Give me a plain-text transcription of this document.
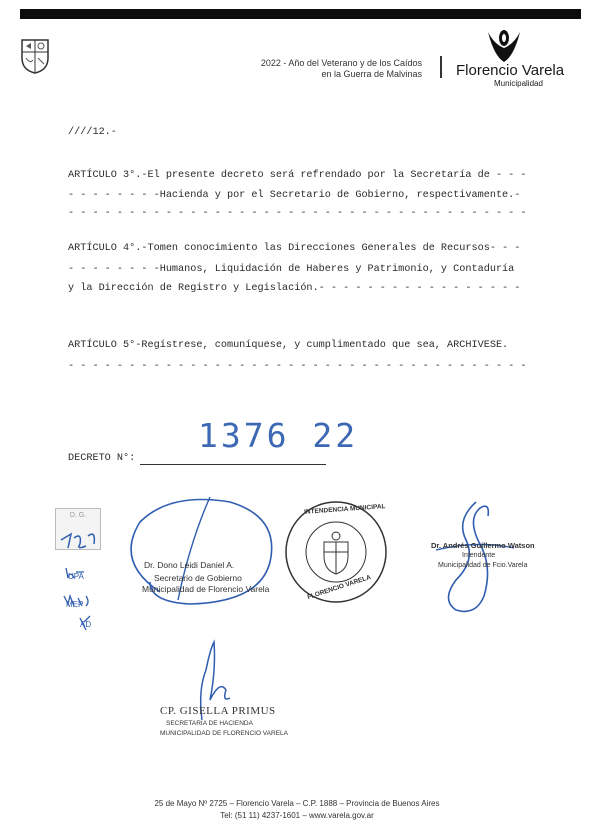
2022 - Año del Veterano y de los Caídos
en la Guerra de Malvinas Florencio Varela
Municipalidad
////12.-
ARTÍCULO 3°.-El presente decreto será refrendado por la Secretaría de - - -
- - - - - - - -Hacienda y por el Secretario de Gobierno, respectivamente.-
- - - - - - - - - - - - - - - - - - - - - - - - - - - - - - - - - - - - - -
ARTÍCULO 4°.-Tomen conocimiento las Direcciones Generales de Recursos- - -
- - - - - - - -Humanos, Liquidación de Haberes y Patrimonio, y Contaduría
y la Dirección de Registro y Legislación.- - - - - - - - - - - - - - - - -
ARTÍCULO 5°-Regístrese, comuníquese, y cumplimentado que sea, ARCHIVESE.
- - - - - - - - - - - - - - - - - - - - - - - - - - - - - - - - - - - - - -
1376 22
DECRETO N°:
D. G.
UPA
MEP
AD
Dr. Dono Leidi Daniel A.
Secretario de Gobierno
Municipalidad de Florencio Varela
INTENDENCIA MUNICIPAL
FLORENCIO VARELA
Dr. Andrés Guillermo Watson
Intendente
Municipalidad de Fcio.Varela
CP. GISELLA PRIMUS
SECRETARIA DE HACIENDA
MUNICIPALIDAD DE FLORENCIO VARELA
25 de Mayo Nº 2725 – Florencio Varela – C.P. 1888 – Provincia de Buenos Aires
Tel: (51 11) 4237-1601 – www.varela.gov.ar
